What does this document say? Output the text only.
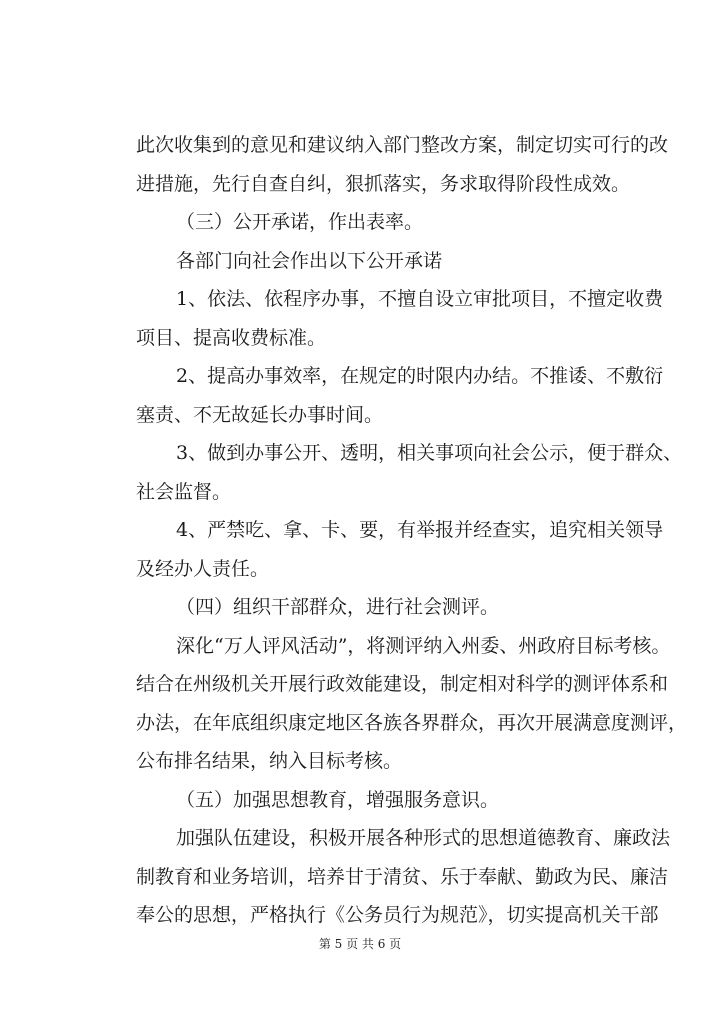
此次收集到的意见和建议纳入部门整改方案，制定切实可行的改
进措施，先行自查自纠，狠抓落实，务求取得阶段性成效。
（三）公开承诺，作出表率。
各部门向社会作出以下公开承诺
1、依法、依程序办事，不擅自设立审批项目，不擅定收费
项目、提高收费标准。
2、提高办事效率，在规定的时限内办结。不推诿、不敷衍
塞责、不无故延长办事时间。
3、做到办事公开、透明，相关事项向社会公示，便于群众、
社会监督。
4、严禁吃、拿、卡、要，有举报并经查实，追究相关领导
及经办人责任。
（四）组织干部群众，进行社会测评。
深化“万人评风活动”，将测评纳入州委、州政府目标考核。
结合在州级机关开展行政效能建设，制定相对科学的测评体系和
办法，在年底组织康定地区各族各界群众，再次开展满意度测评，
公布排名结果，纳入目标考核。
（五）加强思想教育，增强服务意识。
加强队伍建设，积极开展各种形式的思想道德教育、廉政法
制教育和业务培训，培养甘于清贫、乐于奉献、勤政为民、廉洁
奉公的思想，严格执行《公务员行为规范》，切实提高机关干部
第 5 页 共 6 页
